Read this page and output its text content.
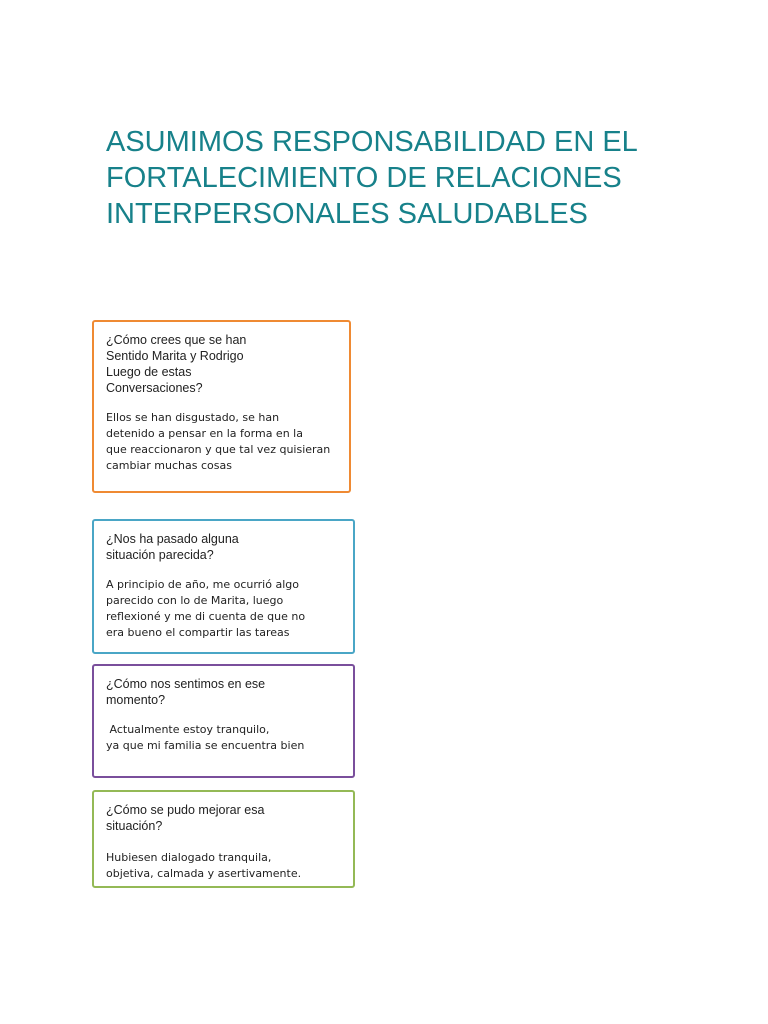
ASUMIMOS RESPONSABILIDAD EN EL
FORTALECIMIENTO DE RELACIONES
INTERPERSONALES SALUDABLES

¿Cómo crees que se han
Sentido Marita y Rodrigo
Luego de estas
Conversaciones?

Ellos se han disgustado, se han
detenido a pensar en la forma en la
que reaccionaron y que tal vez quisieran
cambiar muchas cosas

¿Nos ha pasado alguna
situación parecida?

A principio de año, me ocurrió algo
parecido con lo de Marita, luego
reflexioné y me di cuenta de que no
era bueno el compartir las tareas

¿Cómo nos sentimos en ese
momento?

Actualmente estoy tranquilo,
ya que mi familia se encuentra bien

¿Cómo se pudo mejorar esa
situación?

Hubiesen dialogado tranquila,
objetiva, calmada y asertivamente.
